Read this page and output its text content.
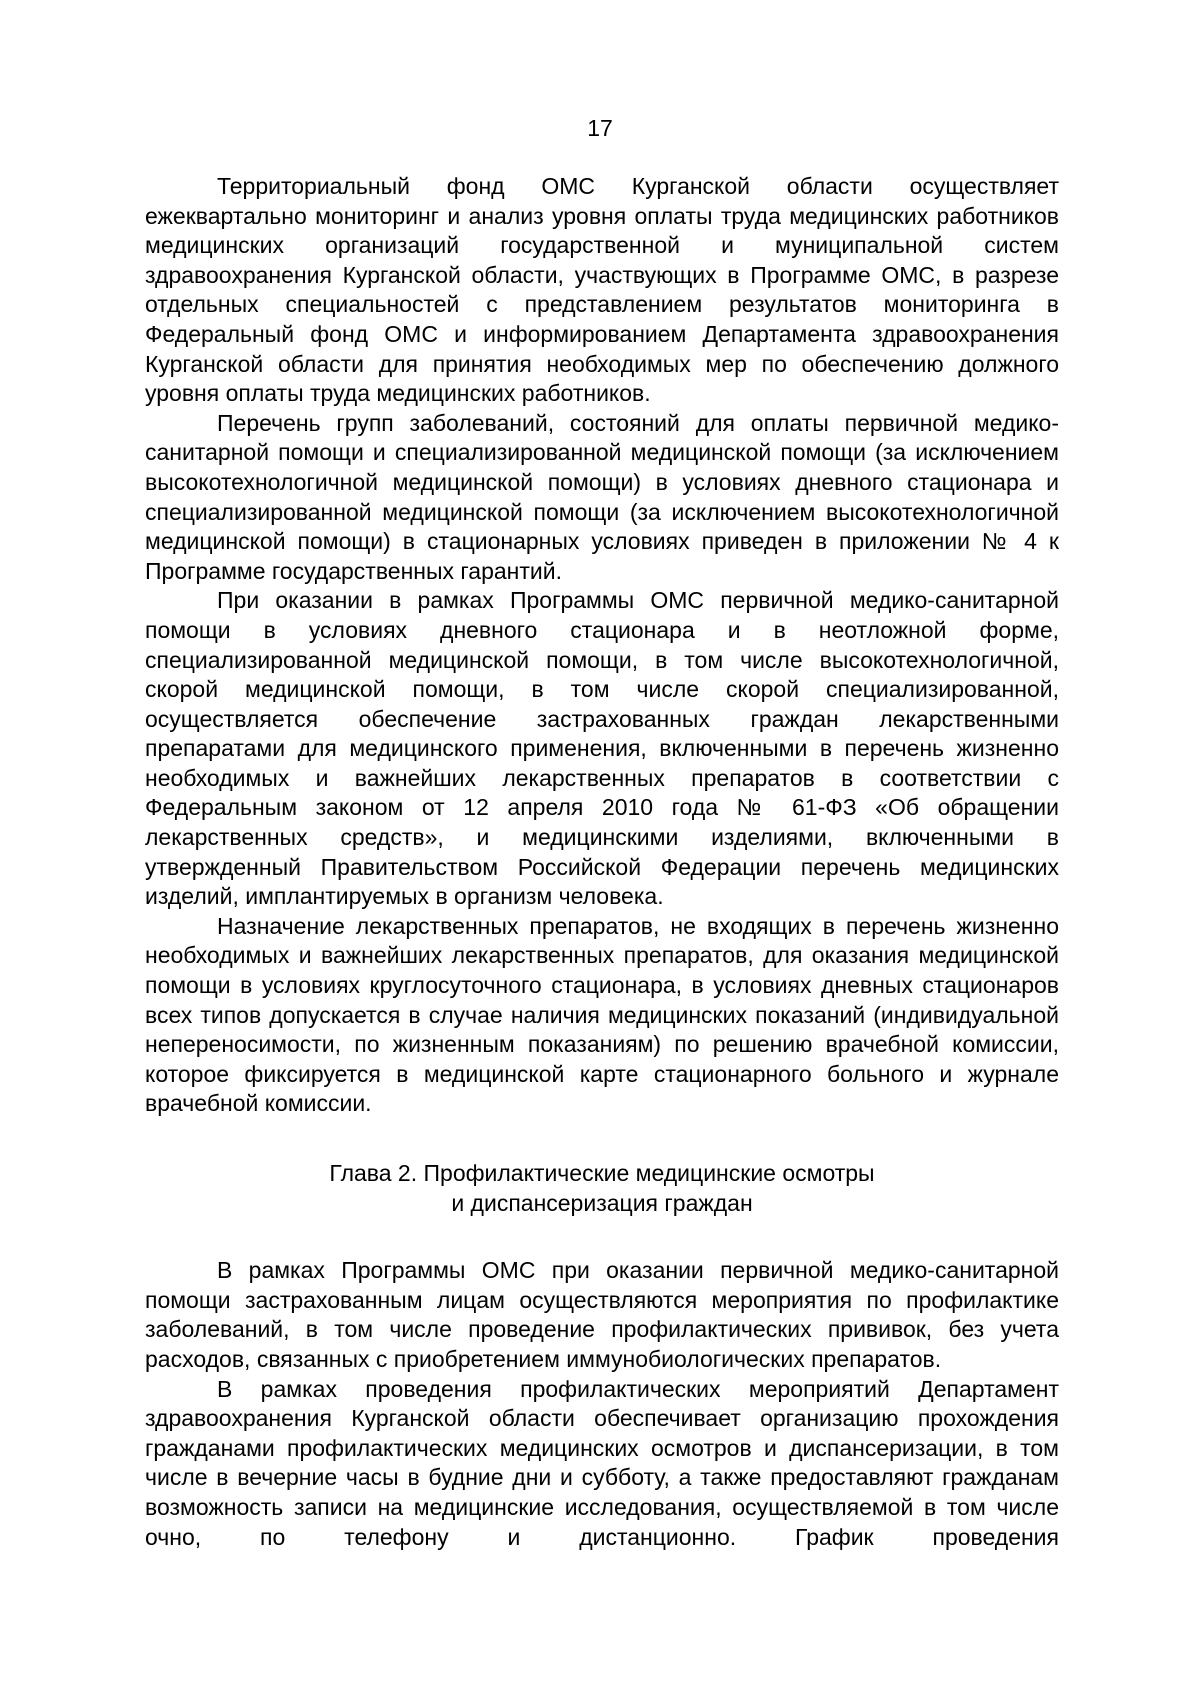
17

Территориальный фонд ОМС Курганской области осуществляет ежеквартально мониторинг и анализ уровня оплаты труда медицинских работников медицинских организаций государственной и муниципальной систем здравоохранения Курганской области, участвующих в Программе ОМС, в разрезе отдельных специальностей с представлением результатов мониторинга в Федеральный фонд ОМС и информированием Департамента здравоохранения Курганской области для принятия необходимых мер по обеспечению должного уровня оплаты труда медицинских работников.

Перечень групп заболеваний, состояний для оплаты первичной медико-санитарной помощи и специализированной медицинской помощи (за исключением высокотехнологичной медицинской помощи) в условиях дневного стационара и специализированной медицинской помощи (за исключением высокотехнологичной медицинской помощи) в стационарных условиях приведен в приложении № 4 к Программе государственных гарантий.

При оказании в рамках Программы ОМС первичной медико-санитарной помощи в условиях дневного стационара и в неотложной форме, специализированной медицинской помощи, в том числе высокотехнологичной, скорой медицинской помощи, в том числе скорой специализированной, осуществляется обеспечение застрахованных граждан лекарственными препаратами для медицинского применения, включенными в перечень жизненно необходимых и важнейших лекарственных препаратов в соответствии с Федеральным законом от 12 апреля 2010 года № 61-ФЗ «Об обращении лекарственных средств», и медицинскими изделиями, включенными в утвержденный Правительством Российской Федерации перечень медицинских изделий, имплантируемых в организм человека.

Назначение лекарственных препаратов, не входящих в перечень жизненно необходимых и важнейших лекарственных препаратов, для оказания медицинской помощи в условиях круглосуточного стационара, в условиях дневных стационаров всех типов допускается в случае наличия медицинских показаний (индивидуальной непереносимости, по жизненным показаниям) по решению врачебной комиссии, которое фиксируется в медицинской карте стационарного больного и журнале врачебной комиссии.

Глава 2. Профилактические медицинские осмотры
и диспансеризация граждан

В рамках Программы ОМС при оказании первичной медико-санитарной помощи застрахованным лицам осуществляются мероприятия по профилактике заболеваний, в том числе проведение профилактических прививок, без учета расходов, связанных с приобретением иммунобиологических препаратов.

В рамках проведения профилактических мероприятий Департамент здравоохранения Курганской области обеспечивает организацию прохождения гражданами профилактических медицинских осмотров и диспансеризации, в том числе в вечерние часы в будние дни и субботу, а также предоставляют гражданам возможность записи на медицинские исследования, осуществляемой в том числе очно, по телефону и дистанционно. График проведения
